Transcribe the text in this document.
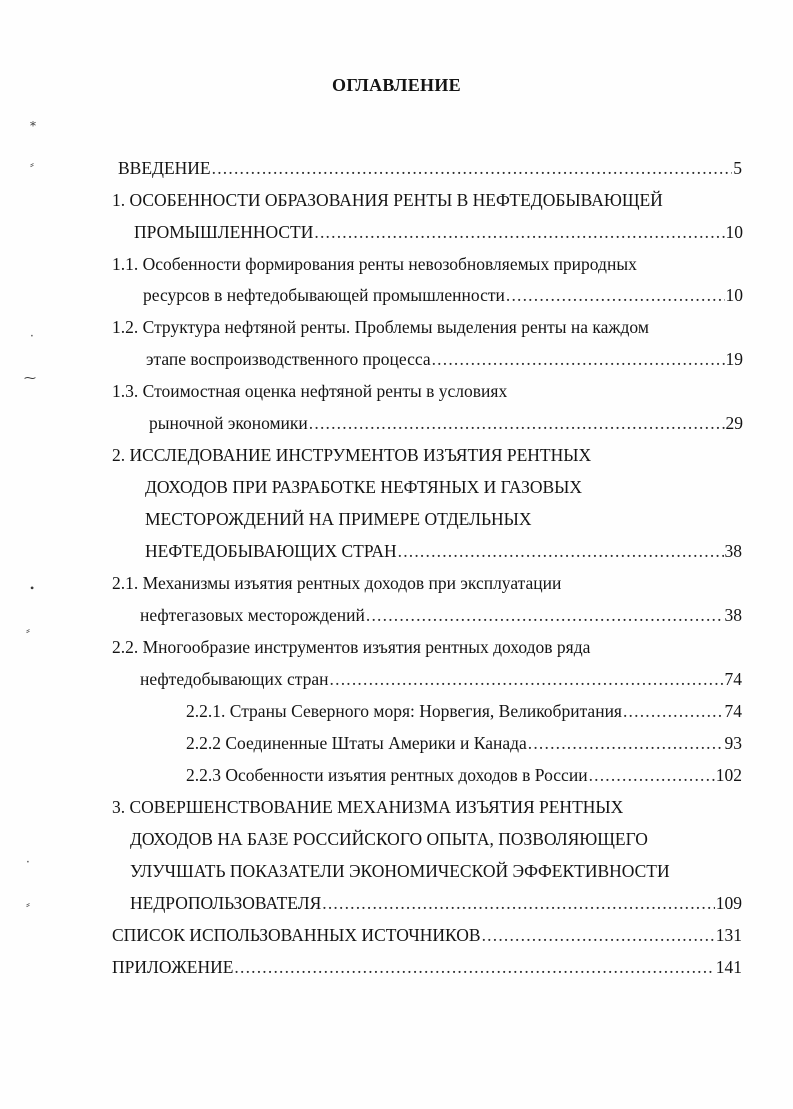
ОГЛАВЛЕНИЕ
ВВЕДЕНИЕ .....	5
1. ОСОБЕННОСТИ ОБРАЗОВАНИЯ РЕНТЫ В НЕФТЕДОБЫВАЮЩЕЙ
ПРОМЫШЛЕННОСТИ .....	10
1.1. Особенности формирования ренты невозобновляемых природных
ресурсов в нефтедобывающей промышленности .....	10
1.2. Структура нефтяной ренты. Проблемы выделения ренты на каждом
этапе воспроизводственного процесса .....	19
1.3. Стоимостная оценка нефтяной ренты в условиях
рыночной экономики .....	29
2. ИССЛЕДОВАНИЕ ИНСТРУМЕНТОВ ИЗЪЯТИЯ РЕНТНЫХ
ДОХОДОВ ПРИ РАЗРАБОТКЕ НЕФТЯНЫХ И ГАЗОВЫХ
МЕСТОРОЖДЕНИЙ НА ПРИМЕРЕ ОТДЕЛЬНЫХ
НЕФТЕДОБЫВАЮЩИХ СТРАН .....	38
2.1. Механизмы изъятия рентных доходов при эксплуатации
нефтегазовых месторождений .....	38
2.2. Многообразие инструментов изъятия рентных доходов ряда
нефтедобывающих стран .....	74
2.2.1. Страны Северного моря: Норвегия, Великобритания .....	74
2.2.2 Соединенные Штаты Америки и Канада .....	93
2.2.3 Особенности изъятия рентных доходов в России .....	102
3. СОВЕРШЕНСТВОВАНИЕ МЕХАНИЗМА ИЗЪЯТИЯ РЕНТНЫХ
ДОХОДОВ НА БАЗЕ РОССИЙСКОГО ОПЫТА, ПОЗВОЛЯЮЩЕГО
УЛУЧШАТЬ ПОКАЗАТЕЛИ ЭКОНОМИЧЕСКОЙ ЭФФЕКТИВНОСТИ
НЕДРОПОЛЬЗОВАТЕЛЯ .....	109
СПИСОК ИСПОЛЬЗОВАННЫХ ИСТОЧНИКОВ .....	131
ПРИЛОЖЕНИЕ .....	141
⁎
⸗
‧
⁓
•
⸗
‧
⸗
